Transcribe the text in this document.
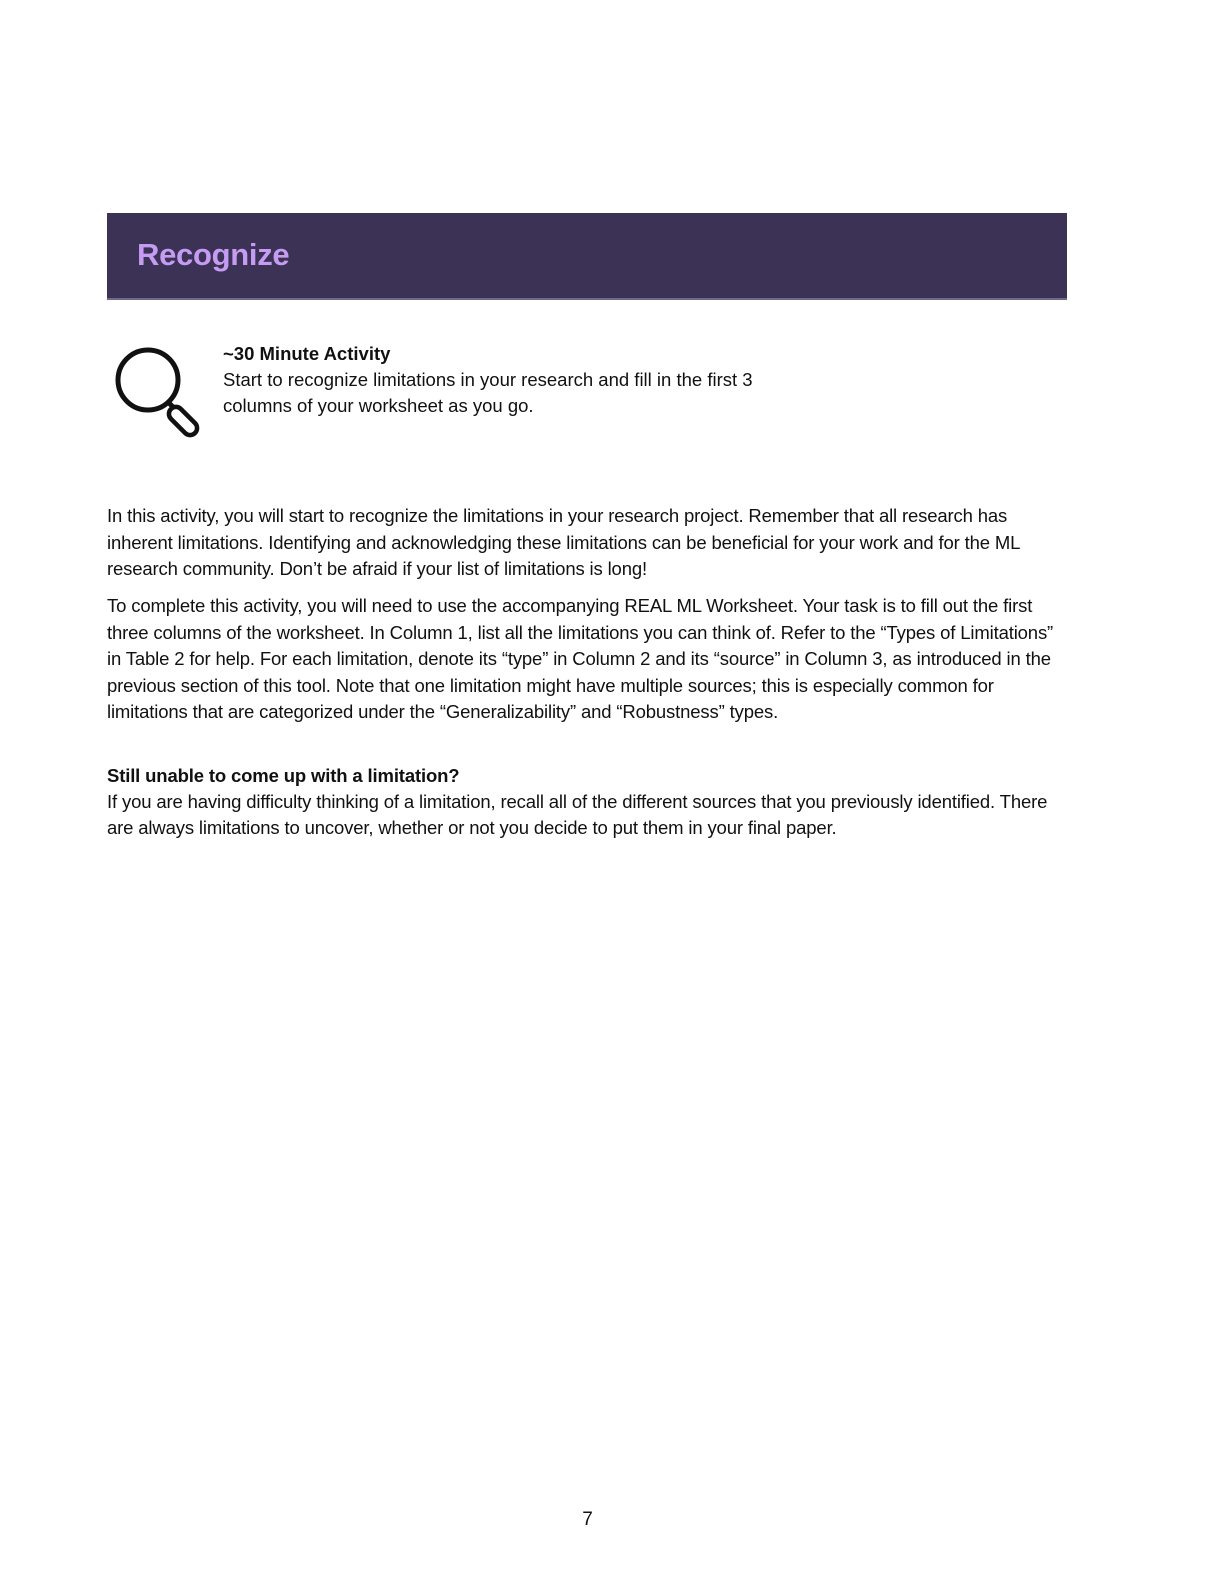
Recognize

~30 Minute Activity

Start to recognize limitations in your research and fill in the first 3 columns of your worksheet as you go.

In this activity, you will start to recognize the limitations in your research project. Remember that all research has inherent limitations. Identifying and acknowledging these limitations can be beneficial for your work and for the ML research community. Don’t be afraid if your list of limitations is long!

To complete this activity, you will need to use the accompanying REAL ML Worksheet. Your task is to fill out the first three columns of the worksheet. In Column 1, list all the limitations you can think of. Refer to the “Types of Limitations” in Table 2 for help. For each limitation, denote its “type” in Column 2 and its “source” in Column 3, as introduced in the previous section of this tool. Note that one limitation might have multiple sources; this is especially common for limitations that are categorized under the “Generalizability” and “Robustness” types.

Still unable to come up with a limitation?

If you are having difficulty thinking of a limitation, recall all of the different sources that you previously identified. There are always limitations to uncover, whether or not you decide to put them in your final paper.

7
